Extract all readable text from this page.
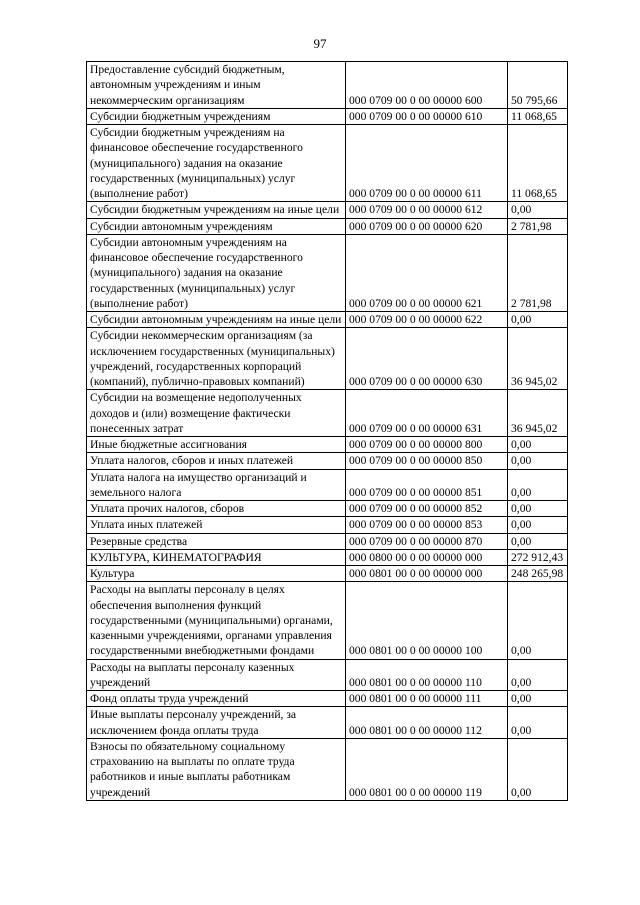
97
Предоставление субсидий бюджетным, автономным учреждениям и иным некоммерческим организациям	000 0709 00 0 00 00000 600	50 795,66
Субсидии бюджетным учреждениям	000 0709 00 0 00 00000 610	11 068,65
Субсидии бюджетным учреждениям на финансовое обеспечение государственного (муниципального) задания на оказание государственных (муниципальных) услуг (выполнение работ)	000 0709 00 0 00 00000 611	11 068,65
Субсидии бюджетным учреждениям на иные цели	000 0709 00 0 00 00000 612	0,00
Субсидии автономным учреждениям	000 0709 00 0 00 00000 620	2 781,98
Субсидии автономным учреждениям на финансовое обеспечение государственного (муниципального) задания на оказание государственных (муниципальных) услуг (выполнение работ)	000 0709 00 0 00 00000 621	2 781,98
Субсидии автономным учреждениям на иные цели	000 0709 00 0 00 00000 622	0,00
Субсидии некоммерческим организациям (за исключением государственных (муниципальных) учреждений, государственных корпораций (компаний), публично-правовых компаний)	000 0709 00 0 00 00000 630	36 945,02
Субсидии на возмещение недополученных доходов и (или) возмещение фактически понесенных затрат	000 0709 00 0 00 00000 631	36 945,02
Иные бюджетные ассигнования	000 0709 00 0 00 00000 800	0,00
Уплата налогов, сборов и иных платежей	000 0709 00 0 00 00000 850	0,00
Уплата налога на имущество организаций и земельного налога	000 0709 00 0 00 00000 851	0,00
Уплата прочих налогов, сборов	000 0709 00 0 00 00000 852	0,00
Уплата иных платежей	000 0709 00 0 00 00000 853	0,00
Резервные средства	000 0709 00 0 00 00000 870	0,00
КУЛЬТУРА, КИНЕМАТОГРАФИЯ	000 0800 00 0 00 00000 000	272 912,43
Культура	000 0801 00 0 00 00000 000	248 265,98
Расходы на выплаты персоналу в целях обеспечения выполнения функций государственными (муниципальными) органами, казенными учреждениями, органами управления государственными внебюджетными фондами	000 0801 00 0 00 00000 100	0,00
Расходы на выплаты персоналу казенных учреждений	000 0801 00 0 00 00000 110	0,00
Фонд оплаты труда учреждений	000 0801 00 0 00 00000 111	0,00
Иные выплаты персоналу учреждений, за исключением фонда оплаты труда	000 0801 00 0 00 00000 112	0,00
Взносы по обязательному социальному страхованию на выплаты по оплате труда работников и иные выплаты работникам учреждений	000 0801 00 0 00 00000 119	0,00
